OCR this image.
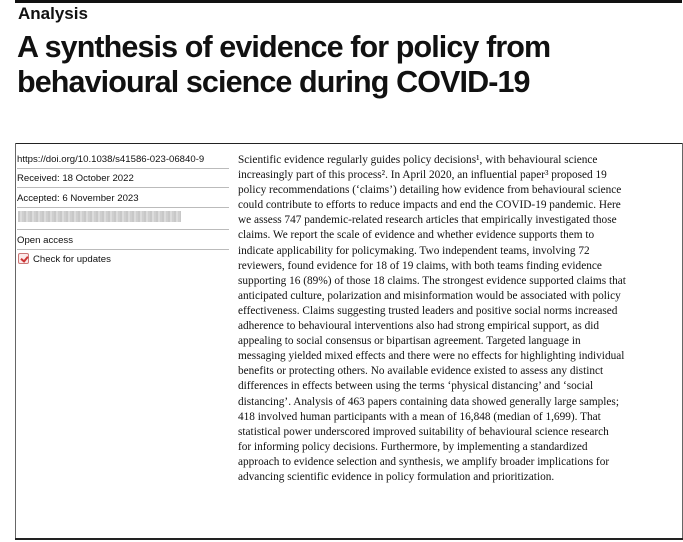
Analysis
A synthesis of evidence for policy from
behavioural science during COVID-19
https://doi.org/10.1038/s41586-023-06840-9
Received: 18 October 2022
Accepted: 6 November 2023
Open access
Check for updates

Scientific evidence regularly guides policy decisions¹, with behavioural science
increasingly part of this process². In April 2020, an influential paper³ proposed 19
policy recommendations (‘claims’) detailing how evidence from behavioural science
could contribute to efforts to reduce impacts and end the COVID-19 pandemic. Here
we assess 747 pandemic-related research articles that empirically investigated those
claims. We report the scale of evidence and whether evidence supports them to
indicate applicability for policymaking. Two independent teams, involving 72
reviewers, found evidence for 18 of 19 claims, with both teams finding evidence
supporting 16 (89%) of those 18 claims. The strongest evidence supported claims that
anticipated culture, polarization and misinformation would be associated with policy
effectiveness. Claims suggesting trusted leaders and positive social norms increased
adherence to behavioural interventions also had strong empirical support, as did
appealing to social consensus or bipartisan agreement. Targeted language in
messaging yielded mixed effects and there were no effects for highlighting individual
benefits or protecting others. No available evidence existed to assess any distinct
differences in effects between using the terms ‘physical distancing’ and ‘social
distancing’. Analysis of 463 papers containing data showed generally large samples;
418 involved human participants with a mean of 16,848 (median of 1,699). That
statistical power underscored improved suitability of behavioural science research
for informing policy decisions. Furthermore, by implementing a standardized
approach to evidence selection and synthesis, we amplify broader implications for
advancing scientific evidence in policy formulation and prioritization.
